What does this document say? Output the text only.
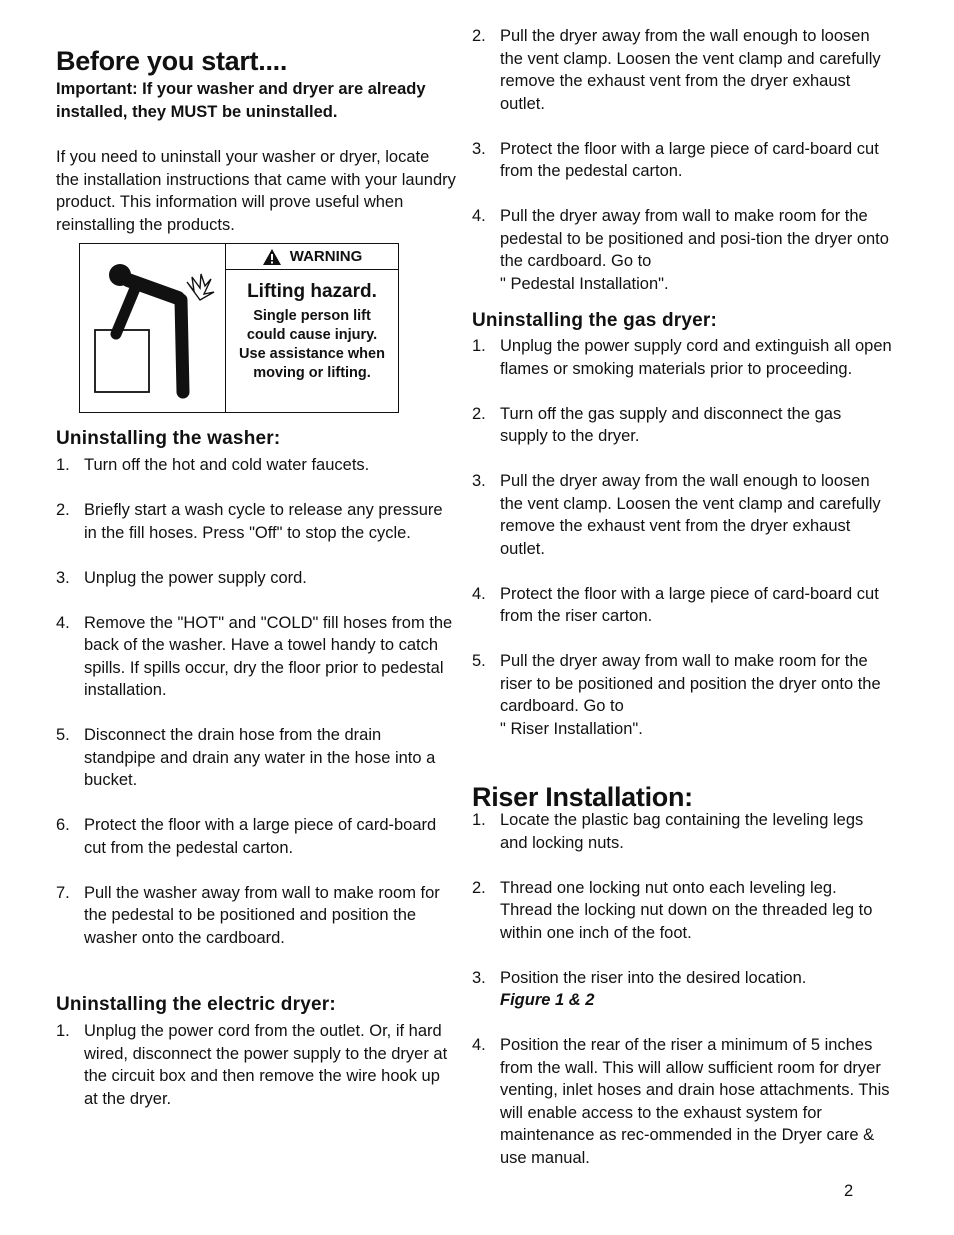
Before you start....
Important: If your washer and dryer are already installed, they MUST be uninstalled.
If you need to uninstall your washer or dryer, locate the installation instructions that came with your laundry product. This information will prove useful when reinstalling the products.
WARNING
Lifting hazard.
Single person lift
could cause injury.
Use assistance when
moving or lifting.
Uninstalling the washer:
1. Turn off the hot and cold water faucets.
2. Briefly start a wash cycle to release any pressure in the fill hoses. Press "Off" to stop the cycle.
3. Unplug the power supply cord.
4. Remove the "HOT" and "COLD" fill hoses from the back of the washer. Have a towel handy to catch spills. If spills occur, dry the floor prior to pedestal installation.
5. Disconnect the drain hose from the drain standpipe and drain any water in the hose into a bucket.
6. Protect the floor with a large piece of card-board cut from the pedestal carton.
7. Pull the washer away from wall to make room for the pedestal to be positioned and position the washer onto the cardboard.
Uninstalling the electric dryer:
1. Unplug the power cord from the outlet. Or, if hard wired, disconnect the power supply to the dryer at the circuit box and then remove the wire hook up at the dryer.
2. Pull the dryer away from the wall enough to loosen the vent clamp. Loosen the vent clamp and carefully remove the exhaust vent from the dryer exhaust outlet.
3. Protect the floor with a large piece of card-board cut from the pedestal carton.
4. Pull the dryer away from wall to make room for the pedestal to be positioned and posi-tion the dryer onto the cardboard. Go to
" Pedestal Installation".
Uninstalling the gas dryer:
1. Unplug the power supply cord and extinguish all open flames or smoking materials prior to proceeding.
2. Turn off the gas supply and disconnect the gas supply to the dryer.
3. Pull the dryer away from the wall enough to loosen the vent clamp. Loosen the vent clamp and carefully remove the exhaust vent from the dryer exhaust outlet.
4. Protect the floor with a large piece of card-board cut from the riser carton.
5. Pull the dryer away from wall to make room for the riser to be positioned and position the dryer onto the cardboard. Go to
" Riser Installation".
Riser Installation:
1. Locate the plastic bag containing the leveling legs and locking nuts.
2. Thread one locking nut onto each leveling leg. Thread the locking nut down on the threaded leg to within one inch of the foot.
3. Position the riser into the desired location.
Figure 1 & 2
4. Position the rear of the riser a minimum of 5 inches from the wall. This will allow sufficient room for dryer venting, inlet hoses and drain hose attachments. This will enable access to the exhaust system for maintenance as rec-ommended in the Dryer care & use manual.
2
